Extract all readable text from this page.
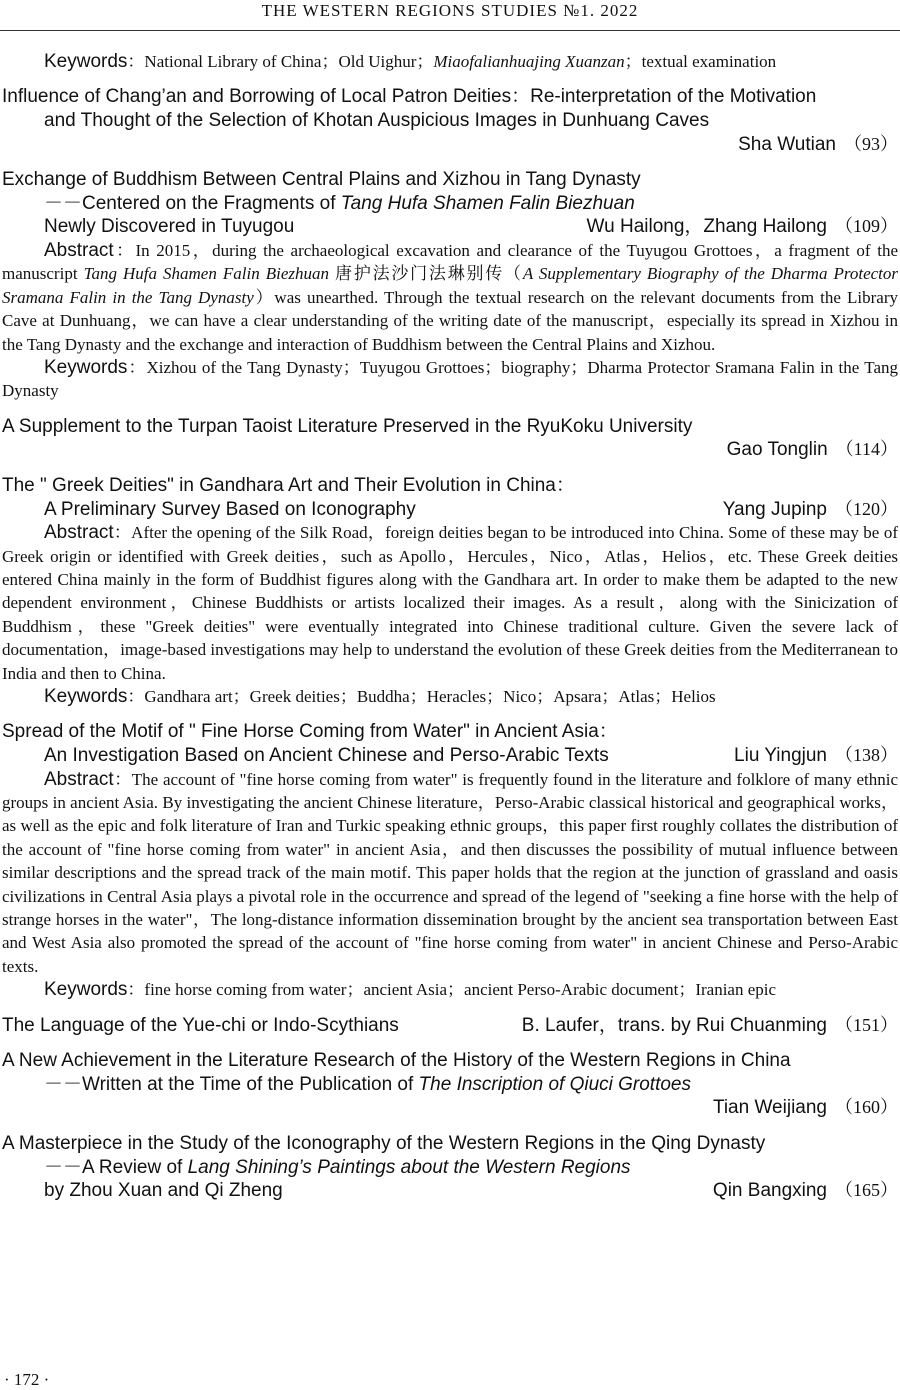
THE WESTERN REGIONS STUDIES №1. 2022

Keywords：National Library of China；Old Uighur；Miaofalianhuajing Xuanzan；textual examination

Influence of Chang’an and Borrowing of Local Patron Deities：Re-interpretation of the Motivation
and Thought of the Selection of Khotan Auspicious Images in Dunhuang Caves
Sha Wutian （93）
Exchange of Buddhism Between Central Plains and Xizhou in Tang Dynasty
－－Centered on the Fragments of Tang Hufa Shamen Falin Biezhuan
Newly Discovered in Tuyugou	Wu Hailong，Zhang Hailong （109）

Abstract：In 2015，during the archaeological excavation and clearance of the Tuyugou Grottoes，a fragment of the manuscript Tang Hufa Shamen Falin Biezhuan 唐护法沙门法琳别传（A Supplementary Biography of the Dharma Protector Sramana Falin in the Tang Dynasty）was unearthed. Through the textual research on the relevant documents from the Library Cave at Dunhuang，we can have a clear understanding of the writing date of the manuscript，especially its spread in Xizhou in the Tang Dynasty and the exchange and interaction of Buddhism between the Central Plains and Xizhou.

Keywords：Xizhou of the Tang Dynasty；Tuyugou Grottoes；biography；Dharma Protector Sramana Falin in the Tang Dynasty

A Supplement to the Turpan Taoist Literature Preserved in the RyuKoku University
Gao Tonglin （114）
The " Greek Deities" in Gandhara Art and Their Evolution in China：
A Preliminary Survey Based on Iconography	Yang Jupinp （120）

Abstract：After the opening of the Silk Road，foreign deities began to be introduced into China. Some of these may be of Greek origin or identified with Greek deities，such as Apollo，Hercules，Nico，Atlas，Helios，etc. These Greek deities entered China mainly in the form of Buddhist figures along with the Gandhara art. In order to make them be adapted to the new dependent environment，Chinese Buddhists or artists localized their images. As a result，along with the Sinicization of Buddhism，these "Greek deities" were eventually integrated into Chinese traditional culture. Given the severe lack of documentation，image-based investigations may help to understand the evolution of these Greek deities from the Mediterranean to India and then to China.

Keywords：Gandhara art；Greek deities；Buddha；Heracles；Nico；Apsara；Atlas；Helios

Spread of the Motif of " Fine Horse Coming from Water" in Ancient Asia：
An Investigation Based on Ancient Chinese and Perso-Arabic Texts	Liu Yingjun （138）

Abstract：The account of "fine horse coming from water" is frequently found in the literature and folklore of many ethnic groups in ancient Asia. By investigating the ancient Chinese literature，Perso-Arabic classical historical and geographical works，as well as the epic and folk literature of Iran and Turkic speaking ethnic groups，this paper first roughly collates the distribution of the account of "fine horse coming from water" in ancient Asia，and then discusses the possibility of mutual influence between similar descriptions and the spread track of the main motif. This paper holds that the region at the junction of grassland and oasis civilizations in Central Asia plays a pivotal role in the occurrence and spread of the legend of "seeking a fine horse with the help of strange horses in the water"，The long-distance information dissemination brought by the ancient sea transportation between East and West Asia also promoted the spread of the account of "fine horse coming from water" in ancient Chinese and Perso-Arabic texts.

Keywords：fine horse coming from water；ancient Asia；ancient Perso-Arabic document；Iranian epic

The Language of the Yue-chi or Indo-Scythians	B. Laufer，trans. by Rui Chuanming （151）
A New Achievement in the Literature Research of the History of the Western Regions in China
－－Written at the Time of the Publication of The Inscription of Qiuci Grottoes
Tian Weijiang （160）
A Masterpiece in the Study of the Iconography of the Western Regions in the Qing Dynasty
－－A Review of Lang Shining’s Paintings about the Western Regions
by Zhou Xuan and Qi Zheng	Qin Bangxing （165）
· 172 ·
